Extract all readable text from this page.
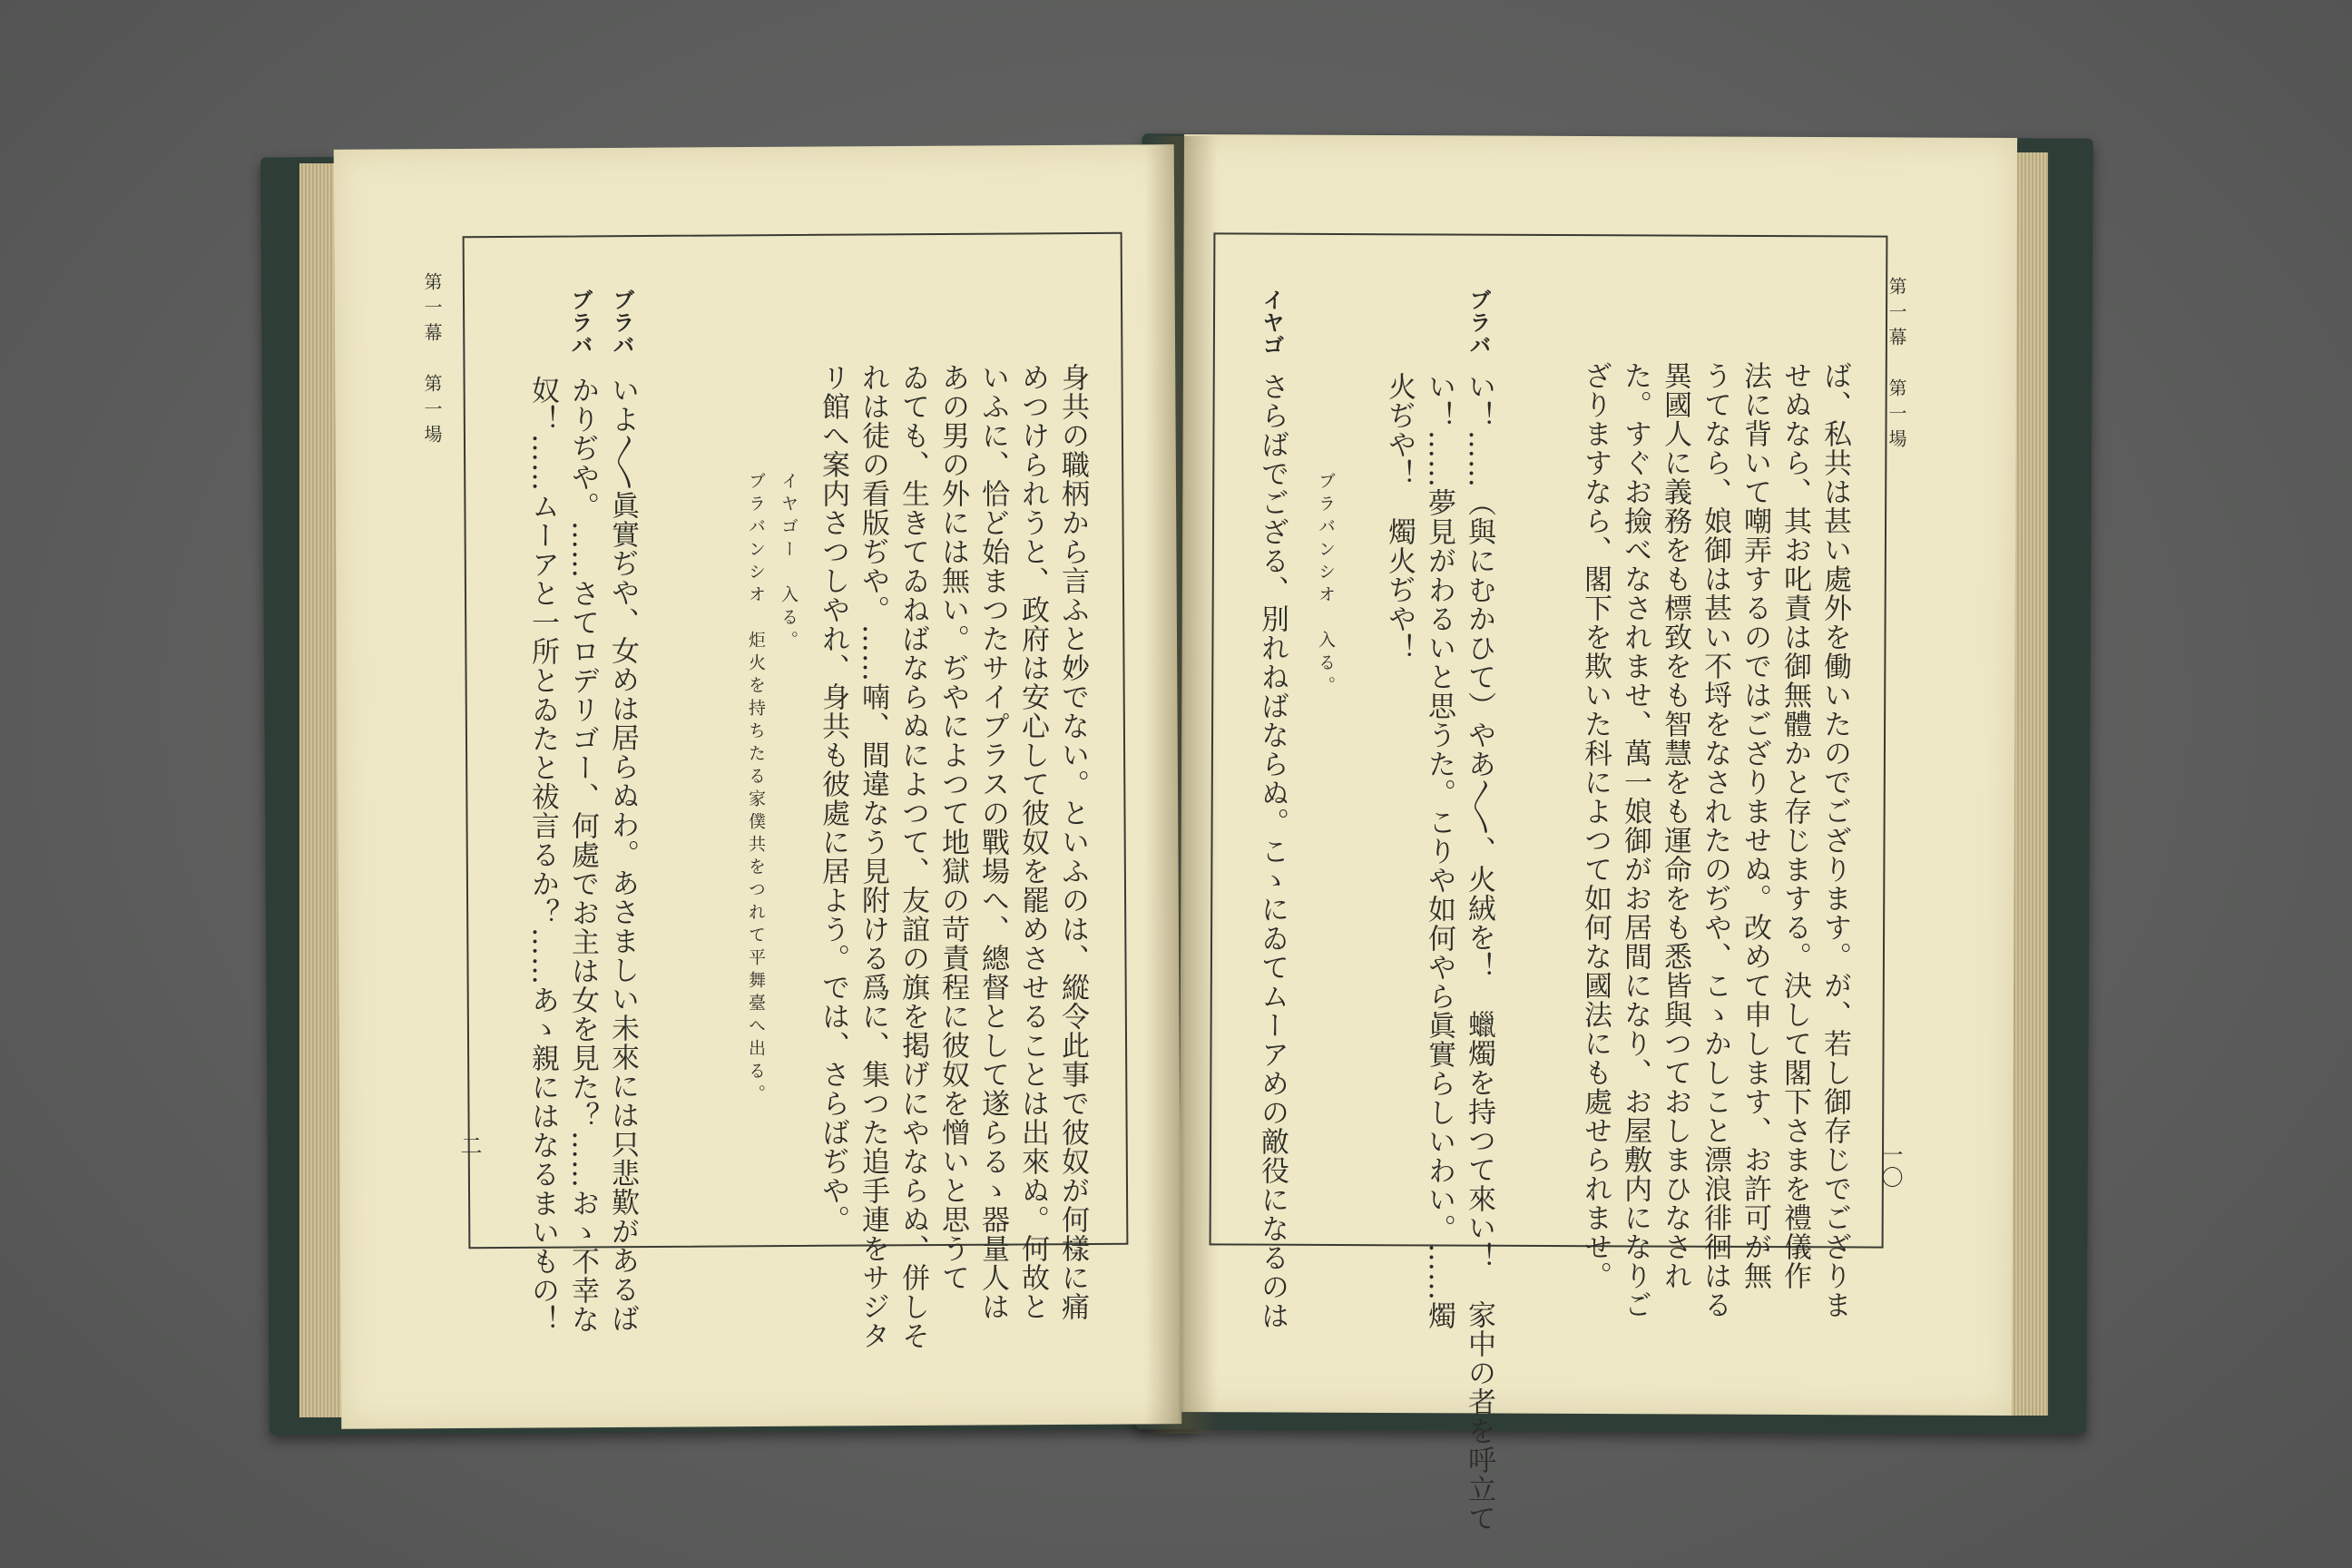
第一幕　第一場
二
ブラバ
ブラバ
身共の職柄から言ふと妙でない。といふのは、縱令此事で彼奴が何樣に痛
めつけられうと、政府は安心して彼奴を罷めさせることは出來ぬ。何故と
いふに、恰ど始まつたサイプラスの戰場へ、總督として遂らるゝ器量人は
あの男の外には無い。ぢやによつて地獄の苛責程に彼奴を憎いと思うて
ゐても、生きてゐねばならぬによつて、友誼の旗を掲げにやならぬ、併しそ
れは徒の看版ぢや。……喃、間違なう見附ける爲に、集つた追手連をサジタ
リ館へ案内さつしやれ、身共も彼處に居よう。では、さらばぢや。
イヤゴー　入る。
ブラバンシオ　炬火を持ちたる家僕共をつれて平舞臺へ出る。
いよ〳〵眞實ぢや、女めは居らぬわ。あさましい未來には只悲歎があるば
かりぢや。……さてロデリゴー、何處でお主は女を見た？……おゝ不幸な
奴！……ムーアと一所とゐたと祓言るか？……あゝ親にはなるまいもの！
第一幕　第一場
一〇
ブラバ
イヤゴ
ば、私共は甚い處外を働いたのでござります。が、若し御存じでござりま
せぬなら、其お叱責は御無體かと存じまする。決して閣下さまを禮儀作
法に背いて嘲弄するのではござりませぬ。改めて申します、お許可が無
うてなら、娘御は甚い不埒をなされたのぢや、こゝかしこと漂浪徘徊はる
異國人に義務をも標致をも智慧をも運命をも悉皆與つておしまひなされ
た。すぐお撿べなされませ、萬一娘御がお居間になり、お屋敷内になりご
ざりますなら、閣下を欺いた科によつて如何な國法にも處せられませ。
い！……（與にむかひて）やあ〳〵、火絨を！　蠟燭を持つて來い！　家中の者を呼立て
い！……夢見がわるいと思うた。こりや如何やら眞實らしいわい。……燭
火ぢや！　燭火ぢや！
ブラバンシオ　入る。
さらばでござる、別れねばならぬ。こゝにゐてムーアめの敵役になるのは
